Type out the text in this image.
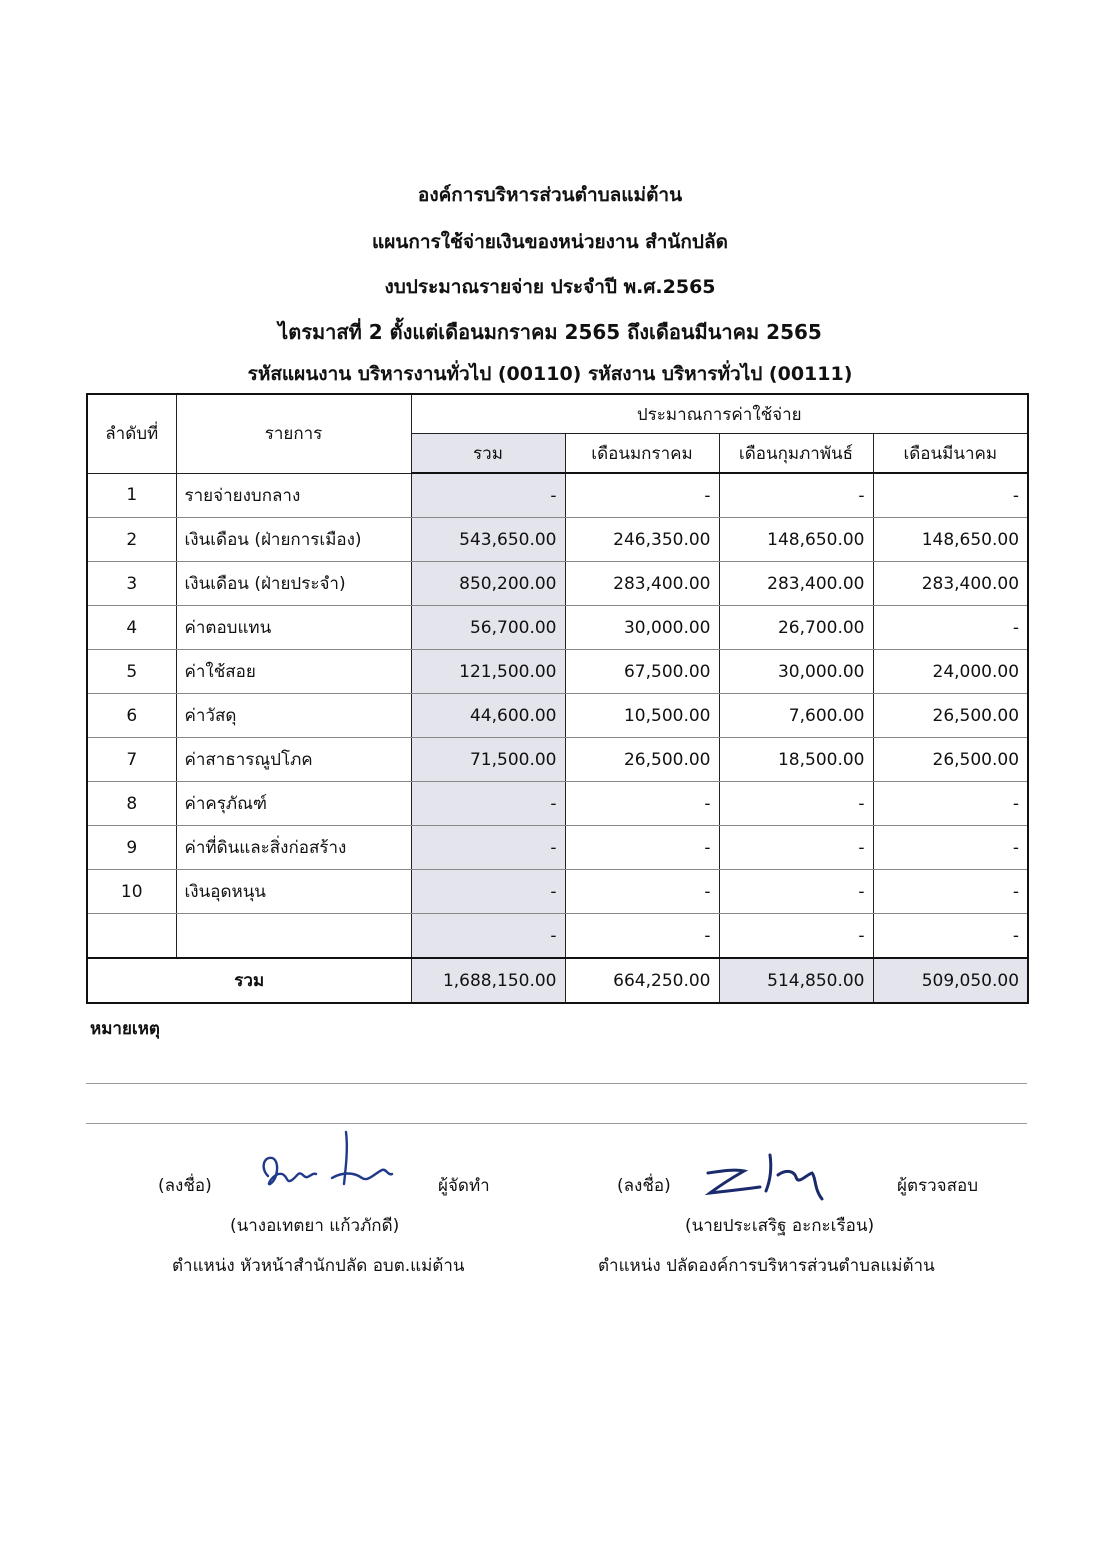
องค์การบริหารส่วนตำบลแม่ต้าน
แผนการใช้จ่ายเงินของหน่วยงาน สำนักปลัด
งบประมาณรายจ่าย ประจำปี พ.ศ.2565
ไตรมาสที่ 2 ตั้งแต่เดือนมกราคม 2565 ถึงเดือนมีนาคม 2565
รหัสแผนงาน บริหารงานทั่วไป (00110) รหัสงาน บริหารทั่วไป (00111)
ลำดับที่	รายการ	ประมาณการค่าใช้จ่าย			
		รวม	เดือนมกราคม	เดือนกุมภาพันธ์	เดือนมีนาคม
1	รายจ่ายงบกลาง	-	-	-	-
2	เงินเดือน (ฝ่ายการเมือง)	543,650.00	246,350.00	148,650.00	148,650.00
3	เงินเดือน (ฝ่ายประจำ)	850,200.00	283,400.00	283,400.00	283,400.00
4	ค่าตอบแทน	56,700.00	30,000.00	26,700.00	-
5	ค่าใช้สอย	121,500.00	67,500.00	30,000.00	24,000.00
6	ค่าวัสดุ	44,600.00	10,500.00	7,600.00	26,500.00
7	ค่าสาธารณูปโภค	71,500.00	26,500.00	18,500.00	26,500.00
8	ค่าครุภัณฑ์	-	-	-	-
9	ค่าที่ดินและสิ่งก่อสร้าง	-	-	-	-
10	เงินอุดหนุน	-	-	-	-
		-	-	-	-
รวม		1,688,150.00	664,250.00	514,850.00	509,050.00
หมายเหตุ
(ลงชื่อ)	ผู้จัดทำ
(นางอเทตยา แก้วภักดี)
ตำแหน่ง หัวหน้าสำนักปลัด อบต.แม่ต้าน
(ลงชื่อ)	ผู้ตรวจสอบ
(นายประเสริฐ อะกะเรือน)
ตำแหน่ง ปลัดองค์การบริหารส่วนตำบลแม่ต้าน
